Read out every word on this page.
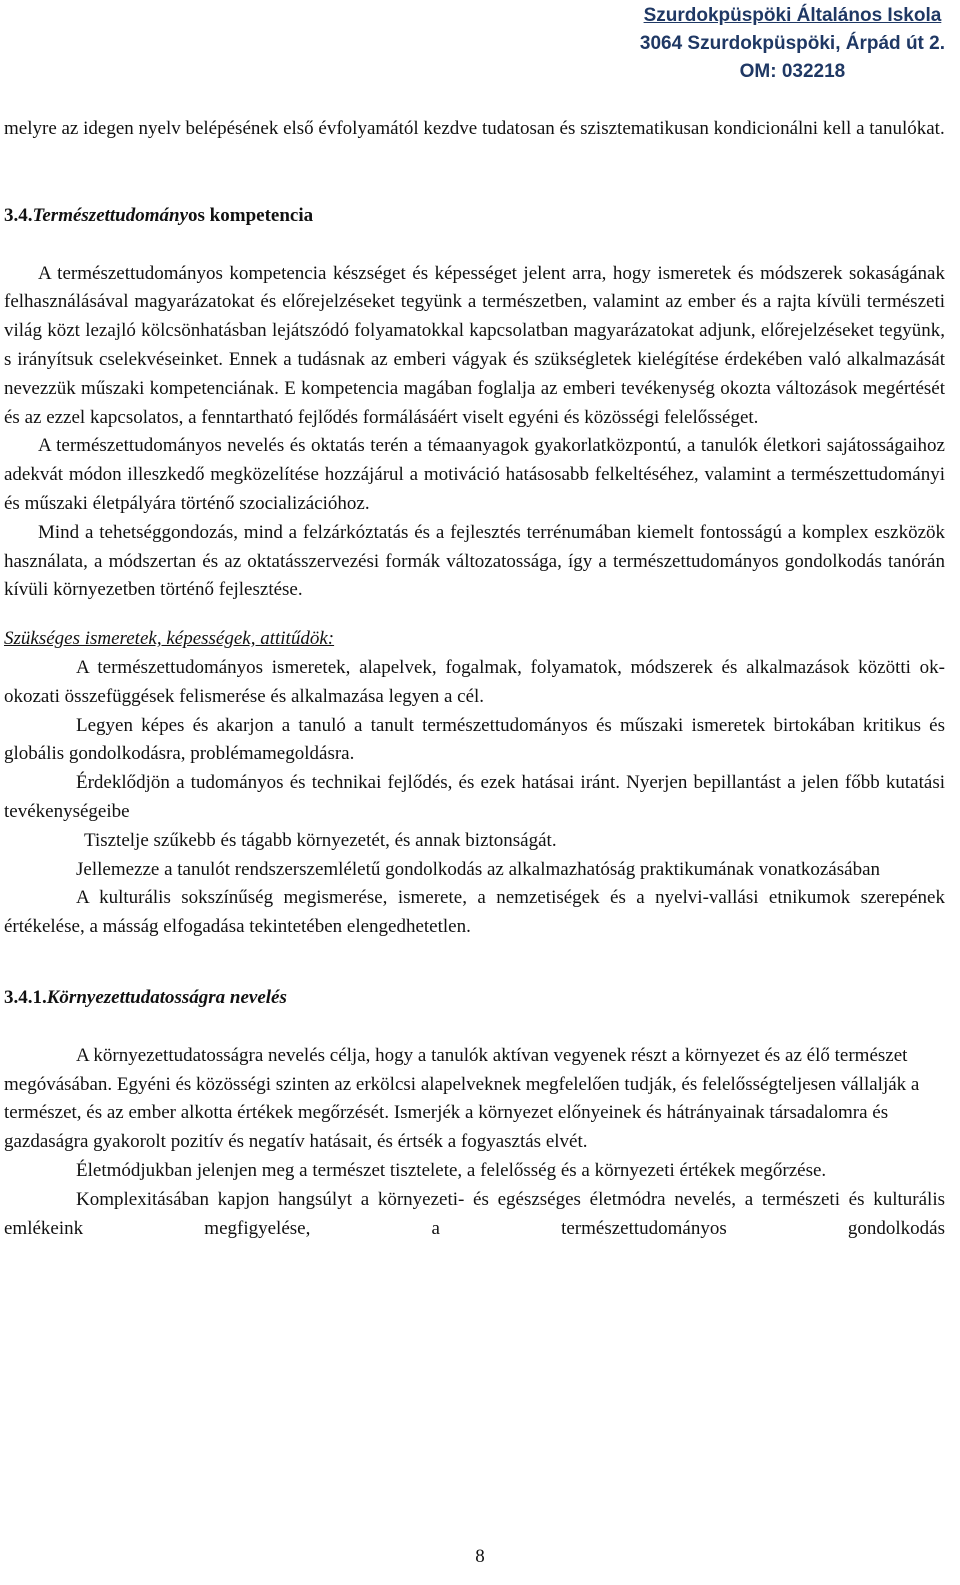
Szurdokpüspöki Általános Iskola
3064 Szurdokpüspöki, Árpád út 2.
OM: 032218

melyre az idegen nyelv belépésének első évfolyamától kezdve tudatosan és szisztematikusan kondicionálni kell a tanulókat.

3.4.Természettudományos kompetencia

A természettudományos kompetencia készséget és képességet jelent arra, hogy ismeretek és módszerek sokaságának felhasználásával magyarázatokat és előrejelzéseket tegyünk a természetben, valamint az ember és a rajta kívüli természeti világ közt lezajló kölcsönhatásban lejátszódó folyamatokkal kapcsolatban magyarázatokat adjunk, előrejelzéseket tegyünk, s irányítsuk cselekvéseinket. Ennek a tudásnak az emberi vágyak és szükségletek kielégítése érdekében való alkalmazását nevezzük műszaki kompetenciának. E kompetencia magában foglalja az emberi tevékenység okozta változások megértését és az ezzel kapcsolatos, a fenntartható fejlődés formálásáért viselt egyéni és közösségi felelősséget.

A természettudományos nevelés és oktatás terén a témaanyagok gyakorlatközpontú, a tanulók életkori sajátosságaihoz adekvát módon illeszkedő megközelítése hozzájárul a motiváció hatásosabb felkeltéséhez, valamint a természettudományi és műszaki életpályára történő szocializációhoz.

Mind a tehetséggondozás, mind a felzárkóztatás és a fejlesztés terrénumában kiemelt fontosságú a komplex eszközök használata, a módszertan és az oktatásszervezési formák változatossága, így a természettudományos gondolkodás tanórán kívüli környezetben történő fejlesztése.

Szükséges ismeretek, képességek, attitűdök:

A természettudományos ismeretek, alapelvek, fogalmak, folyamatok, módszerek és alkalmazások közötti ok-okozati összefüggések felismerése és alkalmazása legyen a cél.

Legyen képes és akarjon a tanuló a tanult természettudományos és műszaki ismeretek birtokában kritikus és globális gondolkodásra, problémamegoldásra.

Érdeklődjön a tudományos és technikai fejlődés, és ezek hatásai iránt. Nyerjen bepillantást a jelen főbb kutatási tevékenységeibe

Tisztelje szűkebb és tágabb környezetét, és annak biztonságát.

Jellemezze a tanulót rendszerszemléletű gondolkodás az alkalmazhatóság praktikumának vonatkozásában

A kulturális sokszínűség megismerése, ismerete, a nemzetiségek és a nyelvi-vallási etnikumok szerepének értékelése, a másság elfogadása tekintetében elengedhetetlen.

3.4.1.Környezettudatosságra nevelés

A környezettudatosságra nevelés célja, hogy a tanulók aktívan vegyenek részt a környezet és az élő természet megóvásában. Egyéni és közösségi szinten az erkölcsi alapelveknek megfelelően tudják, és felelősségteljesen vállalják a természet, és az ember alkotta értékek megőrzését. Ismerjék a környezet előnyeinek és hátrányainak társadalomra és gazdaságra gyakorolt pozitív és negatív hatásait, és értsék a fogyasztás elvét.

Életmódjukban jelenjen meg a természet tisztelete, a felelősség és a környezeti értékek megőrzése.

Komplexitásában kapjon hangsúlyt a környezeti- és egészséges életmódra nevelés, a természeti és kulturális emlékeink megfigyelése, a természettudományos gondolkodás

8
